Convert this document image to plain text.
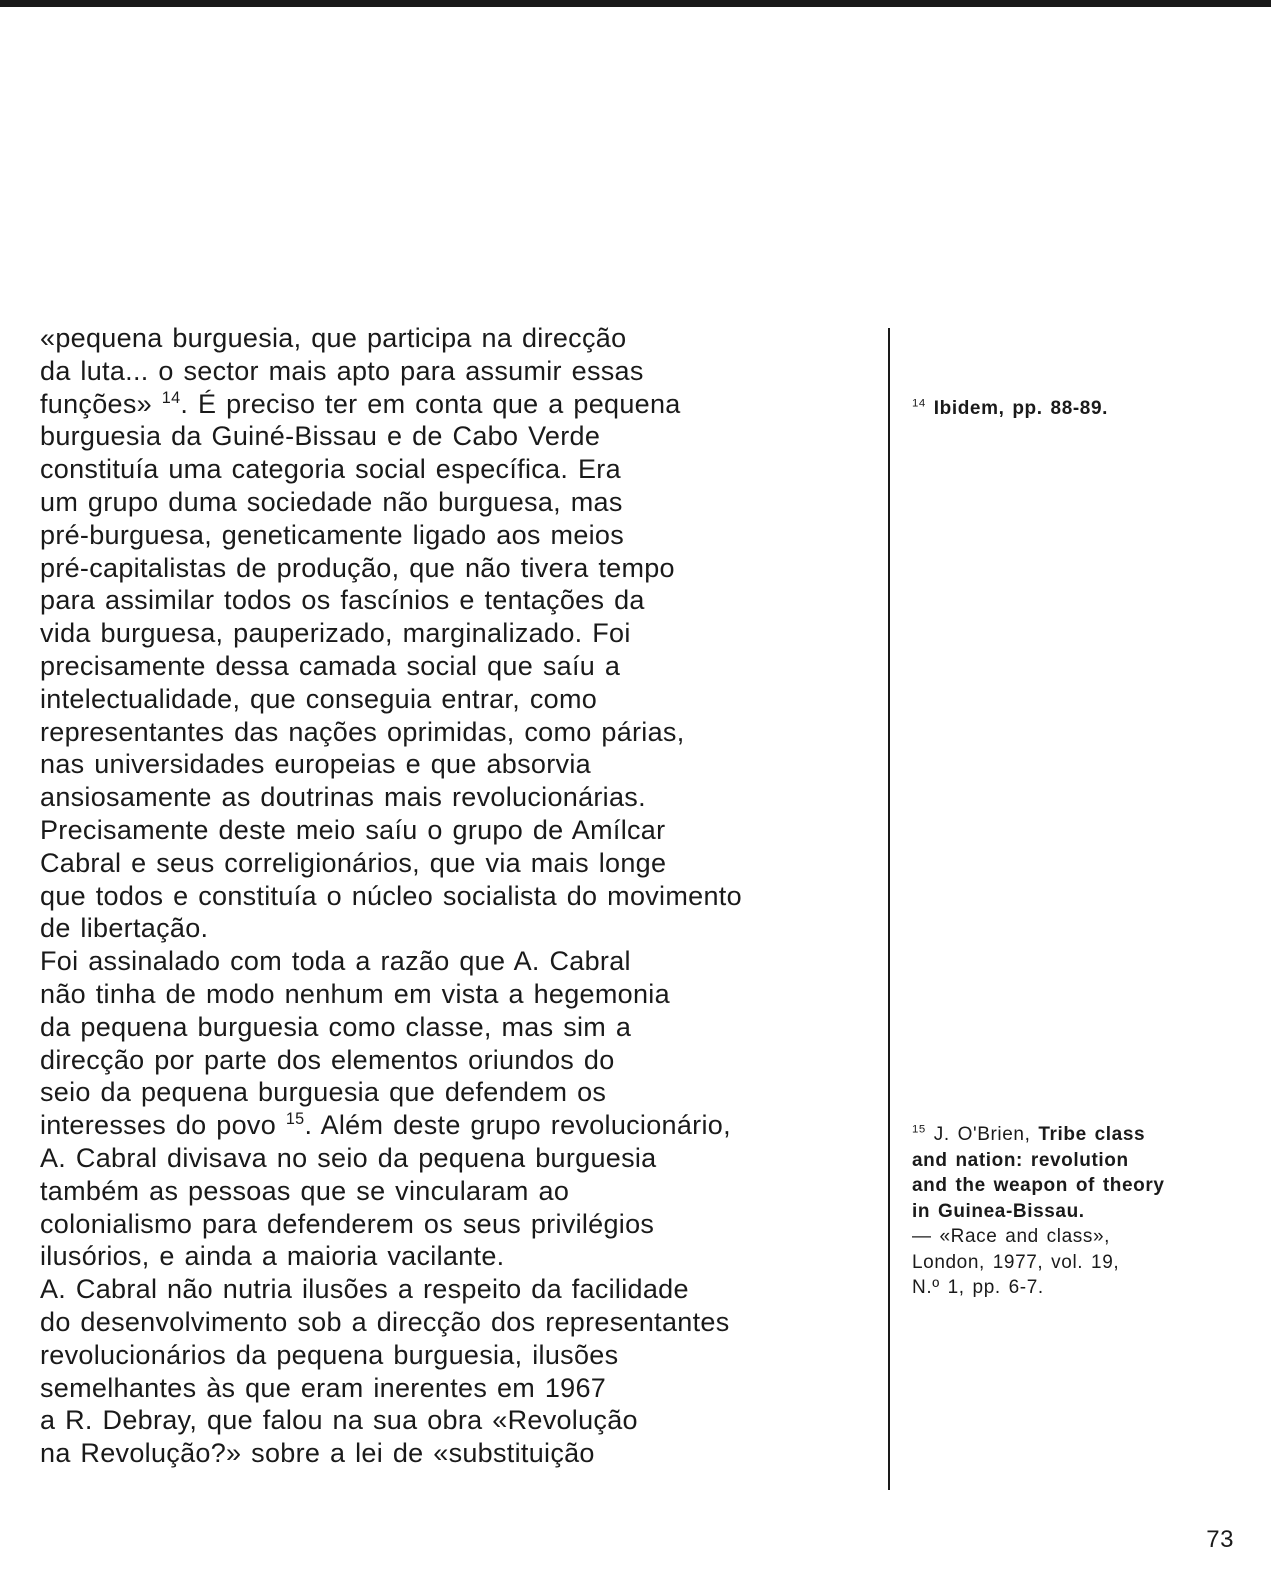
«pequena burguesia, que participa na direcção
da luta... o sector mais apto para assumir essas
funções» $^{14}$. É preciso ter em conta que a pequena
burguesia da Guiné-Bissau e de Cabo Verde
constituía uma categoria social específica. Era
um grupo duma sociedade não burguesa, mas
pré-burguesa, geneticamente ligado aos meios
pré-capitalistas de produção, que não tivera tempo
para assimilar todos os fascínios e tentações da
vida burguesa, pauperizado, marginalizado. Foi
precisamente dessa camada social que saíu a
intelectualidade, que conseguia entrar, como
representantes das nações oprimidas, como párias,
nas universidades europeias e que absorvia
ansiosamente as doutrinas mais revolucionárias.
Precisamente deste meio saíu o grupo de Amílcar
Cabral e seus correligionários, que via mais longe
que todos e constituía o núcleo socialista do movimento
de libertação.
Foi assinalado com toda a razão que A. Cabral
não tinha de modo nenhum em vista a hegemonia
da pequena burguesia como classe, mas sim a
direcção por parte dos elementos oriundos do
seio da pequena burguesia que defendem os
interesses do povo $^{15}$. Além deste grupo revolucionário,
A. Cabral divisava no seio da pequena burguesia
também as pessoas que se vincularam ao
colonialismo para defenderem os seus privilégios
ilusórios, e ainda a maioria vacilante.
A. Cabral não nutria ilusões a respeito da facilidade
do desenvolvimento sob a direcção dos representantes
revolucionários da pequena burguesia, ilusões
semelhantes às que eram inerentes em 1967
a R. Debray, que falou na sua obra «Revolução
na Revolução?» sobre a lei de «substituição
$^{14}$ Ibidem, pp. 88-89.
$^{15}$ J. O'Brien, Tribe class
and nation: revolution
and the weapon of theory
in Guinea-Bissau.
— «Race and class»,
London, 1977, vol. 19,
N.º 1, pp. 6-7.
73
